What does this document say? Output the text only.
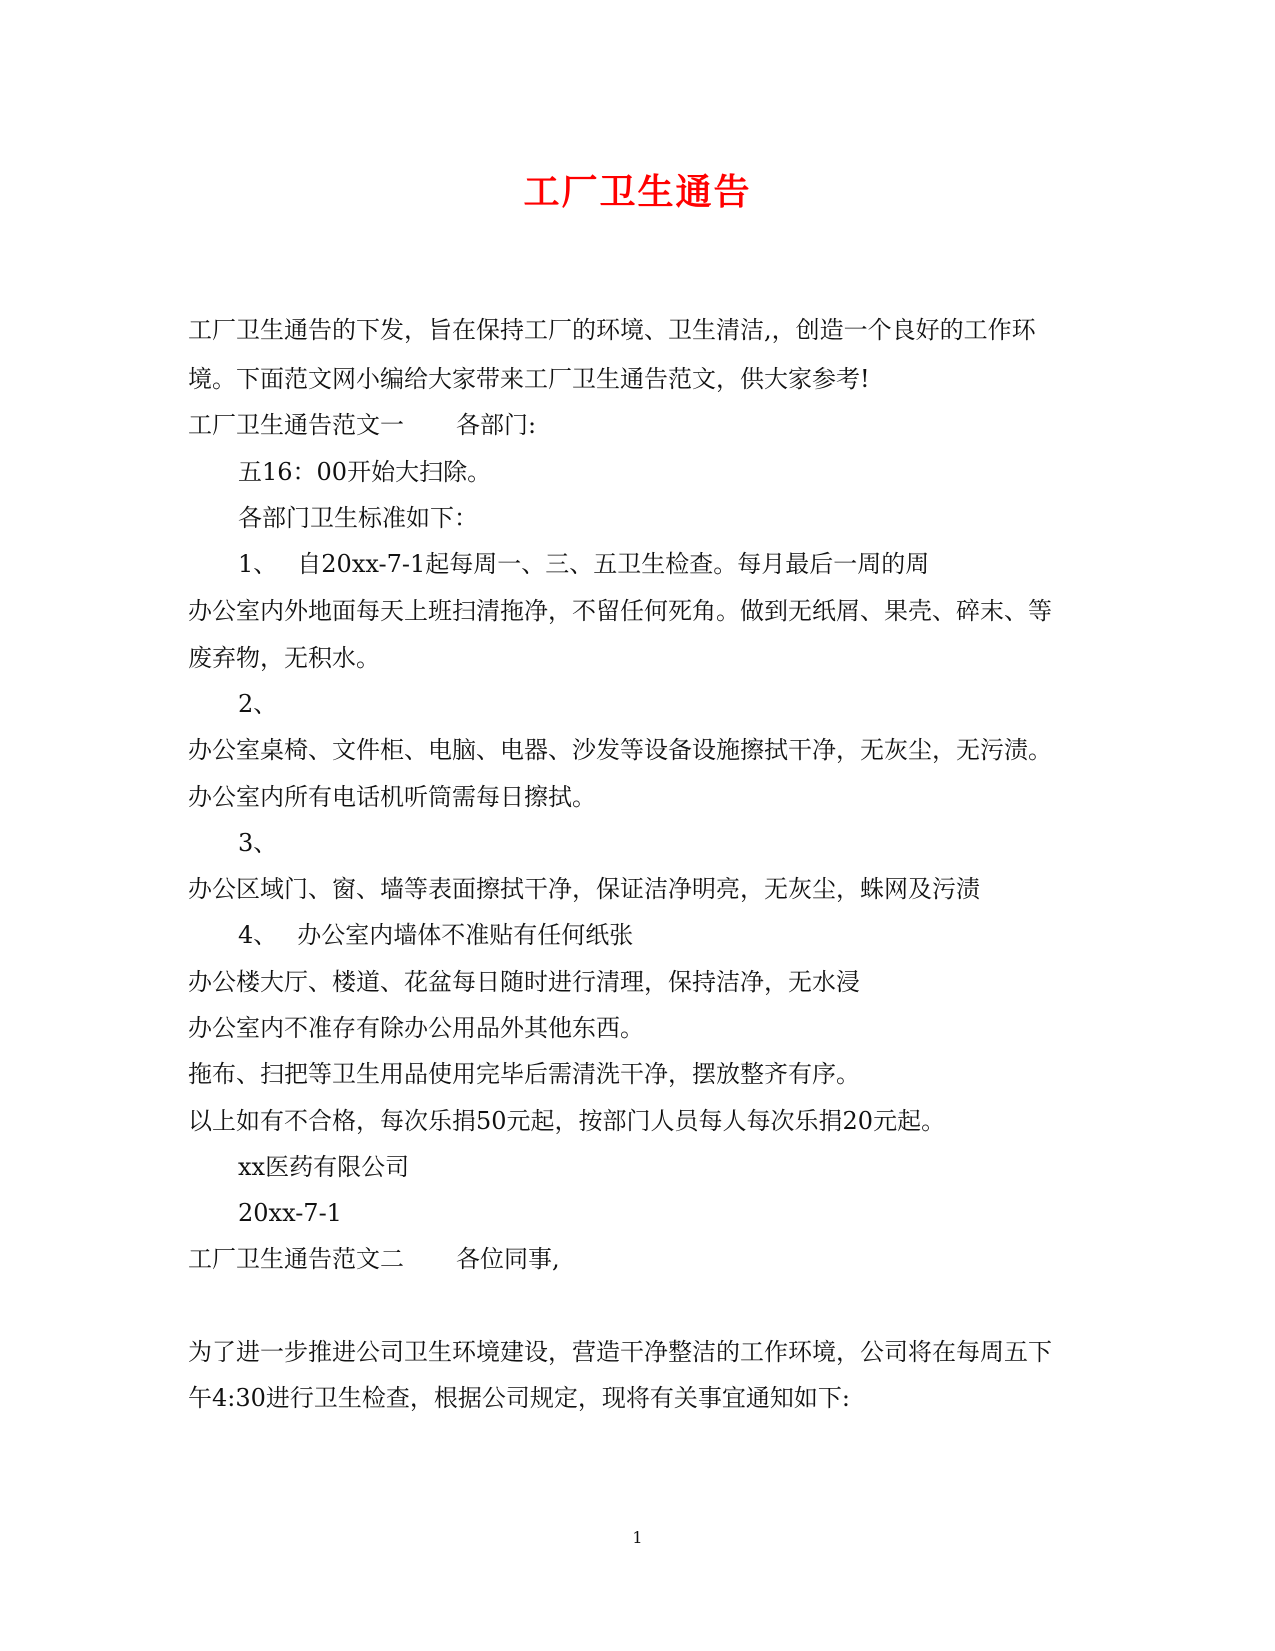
工厂卫生通告
工厂卫生通告的下发，旨在保持工厂的环境、卫生清洁,，创造一个良好的工作环
境。下面范文网小编给大家带来工厂卫生通告范文，供大家参考!
工厂卫生通告范文一 各部门:
五16：00开始大扫除。
各部门卫生标准如下：
1、 自20xx-7-1起每周一、三、五卫生检查。每月最后一周的周
办公室内外地面每天上班扫清拖净，不留任何死角。做到无纸屑、果壳、碎末、等
废弃物，无积水。
2、
办公室桌椅、文件柜、电脑、电器、沙发等设备设施擦拭干净，无灰尘，无污渍。
办公室内所有电话机听筒需每日擦拭。
3、
办公区域门、窗、墙等表面擦拭干净，保证洁净明亮，无灰尘，蛛网及污渍
4、 办公室内墙体不准贴有任何纸张
办公楼大厅、楼道、花盆每日随时进行清理，保持洁净，无水浸
办公室内不准存有除办公用品外其他东西。
拖布、扫把等卫生用品使用完毕后需清洗干净，摆放整齐有序。
以上如有不合格，每次乐捐50元起，按部门人员每人每次乐捐20元起。
xx医药有限公司
20xx-7-1
工厂卫生通告范文二 各位同事,
为了进一步推进公司卫生环境建设，营造干净整洁的工作环境，公司将在每周五下
午4:30进行卫生检查，根据公司规定，现将有关事宜通知如下:
1
